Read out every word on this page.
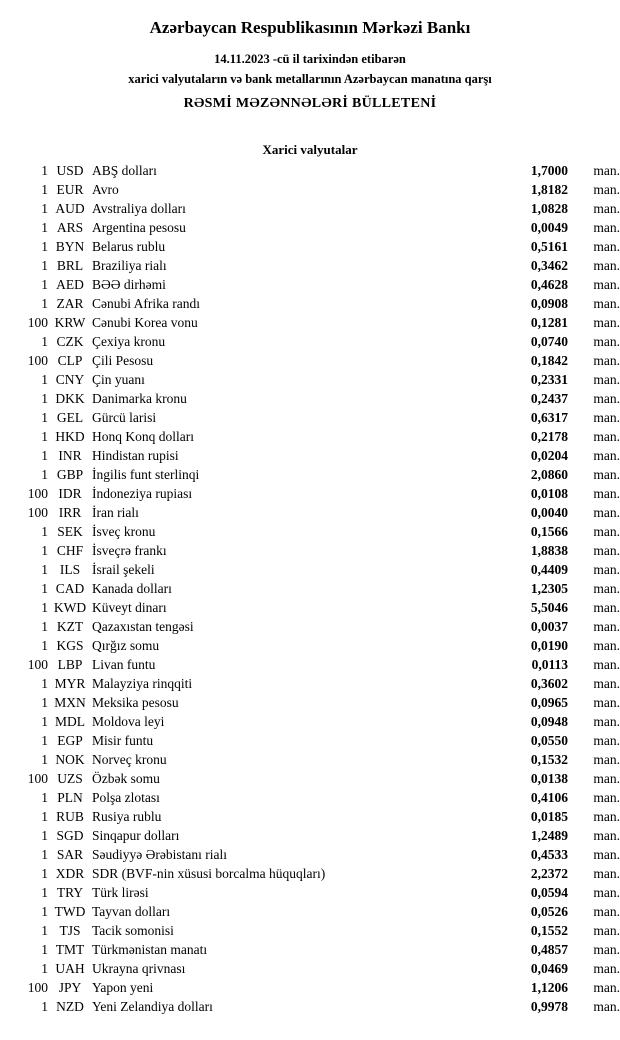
Azərbaycan Respublikasının Mərkəzi Bankı
14.11.2023 -cü il tarixindən etibarən
xarici valyutaların və bank metallarının Azərbaycan manatına qarşı
RƏSMİ MƏZƏNNƏLƏRİ BÜLLETENİ
Xarici valyutalar
1	USD	ABŞ dolları	1,7000	man.
1	EUR	Avro	1,8182	man.
1	AUD	Avstraliya dolları	1,0828	man.
1	ARS	Argentina pesosu	0,0049	man.
1	BYN	Belarus rublu	0,5161	man.
1	BRL	Braziliya rialı	0,3462	man.
1	AED	BƏƏ dirhəmi	0,4628	man.
1	ZAR	Cənubi Afrika randı	0,0908	man.
100	KRW	Cənubi Korea vonu	0,1281	man.
1	CZK	Çexiya kronu	0,0740	man.
100	CLP	Çili Pesosu	0,1842	man.
1	CNY	Çin yuanı	0,2331	man.
1	DKK	Danimarka kronu	0,2437	man.
1	GEL	Gürcü larisi	0,6317	man.
1	HKD	Honq Konq dolları	0,2178	man.
1	INR	Hindistan rupisi	0,0204	man.
1	GBP	İngilis funt sterlinqi	2,0860	man.
100	IDR	İndoneziya rupiası	0,0108	man.
100	IRR	İran rialı	0,0040	man.
1	SEK	İsveç kronu	0,1566	man.
1	CHF	İsveçrə frankı	1,8838	man.
1	ILS	İsrail şekeli	0,4409	man.
1	CAD	Kanada dolları	1,2305	man.
1	KWD	Küveyt dinarı	5,5046	man.
1	KZT	Qazaxıstan tengəsi	0,0037	man.
1	KGS	Qırğız somu	0,0190	man.
100	LBP	Livan funtu	0,0113	man.
1	MYR	Malayziya rinqqiti	0,3602	man.
1	MXN	Meksika pesosu	0,0965	man.
1	MDL	Moldova leyi	0,0948	man.
1	EGP	Misir funtu	0,0550	man.
1	NOK	Norveç kronu	0,1532	man.
100	UZS	Özbək somu	0,0138	man.
1	PLN	Polşa zlotası	0,4106	man.
1	RUB	Rusiya rublu	0,0185	man.
1	SGD	Sinqapur dolları	1,2489	man.
1	SAR	Səudiyyə Ərəbistanı rialı	0,4533	man.
1	XDR	SDR (BVF-nin xüsusi borcalma hüquqları)	2,2372	man.
1	TRY	Türk lirəsi	0,0594	man.
1	TWD	Tayvan dolları	0,0526	man.
1	TJS	Tacik somonisi	0,1552	man.
1	TMT	Türkmənistan manatı	0,4857	man.
1	UAH	Ukrayna qrivnası	0,0469	man.
100	JPY	Yapon yeni	1,1206	man.
1	NZD	Yeni Zelandiya dolları	0,9978	man.
